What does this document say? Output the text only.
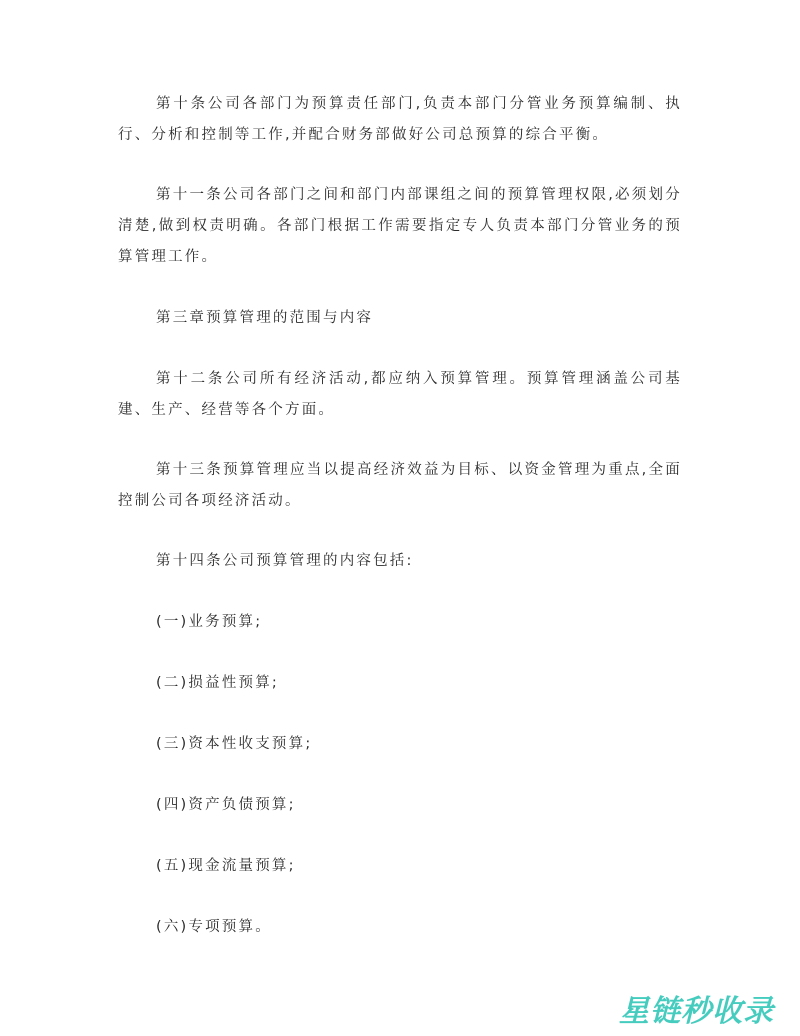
第十条公司各部门为预算责任部门,负责本部门分管业务预算编制、执行、分析和控制等工作,并配合财务部做好公司总预算的综合平衡。

第十一条公司各部门之间和部门内部课组之间的预算管理权限,必须划分清楚,做到权责明确。各部门根据工作需要指定专人负责本部门分管业务的预算管理工作。

第三章预算管理的范围与内容

第十二条公司所有经济活动,都应纳入预算管理。预算管理涵盖公司基建、生产、经营等各个方面。

第十三条预算管理应当以提高经济效益为目标、以资金管理为重点,全面控制公司各项经济活动。

第十四条公司预算管理的内容包括:

(一)业务预算;

(二)损益性预算;

(三)资本性收支预算;

(四)资产负债预算;

(五)现金流量预算;

(六)专项预算。

星链秒收录
